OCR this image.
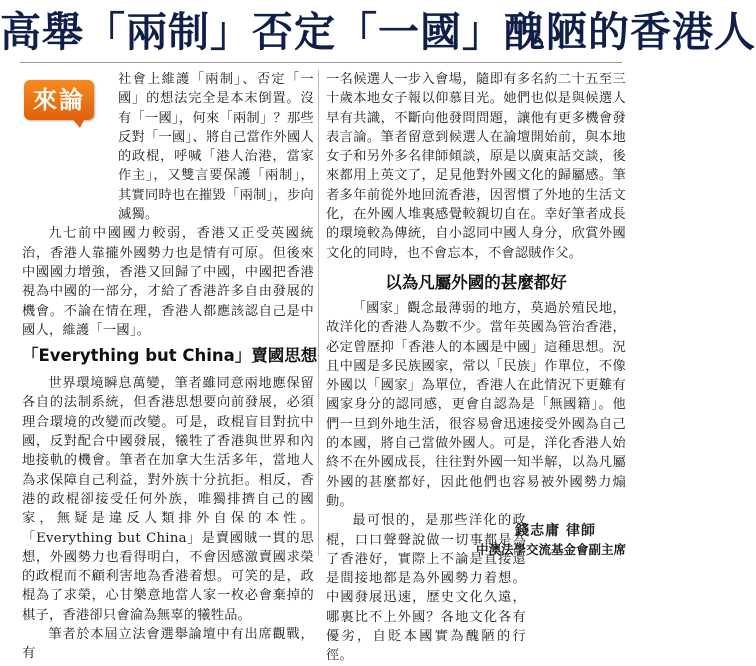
高舉「兩制」否定「一國」醜陋的香港人

社會上維護「兩制」、否定「一國」的想法完全是本末倒置。沒有「一國」，何來「兩制」？那些反對「一國」、將自己當作外國人的政棍，呼喊「港人治港，當家作主」，又雙言要保護「兩制」，其實同時也在摧毀「兩制」，步向滅獨。

九七前中國國力較弱，香港又正受英國統治，香港人靠攏外國勢力也是情有可原。但後來中國國力增強，香港又回歸了中國，中國把香港視為中國的一部分，才給了香港許多自由發展的機會。不論在情在理，香港人都應該認自己是中國人，維護「一國」。

「Everything but China」賣國思想

世界環境瞬息萬變，筆者雖同意兩地應保留各自的法制系統，但香港思想要向前發展，必須理合環境的改變而改變。可是，政棍盲目對抗中國，反對配合中國發展，犧牲了香港與世界和內地接軌的機會。筆者在加拿大生活多年，當地人為求保障自己利益，對外族十分抗拒。相反，香港的政棍卻接受任何外族，唯獨排擠自己的國家，無疑是違反人類排外自保的本性。「Everything but China」是賣國賊一貫的思想，外國勢力也看得明白，不會因感激賣國求榮的政棍而不顧利害地為香港着想。可笑的是，政棍為了求榮，心甘樂意地當人家一枚必會棄掉的棋子，香港卻只會淪為無辜的犧牲品。

筆者於本屆立法會選舉論壇中有出席觀戰，有

來論

一名候選人一步入會場，隨即有多名約二十五至三十歲本地女子報以仰慕目光。她們也似是與候選人早有共識，不斷向他發問問題，讓他有更多機會發表言論。筆者留意到候選人在論壇開始前，與本地女子和另外多名律師傾談，原是以廣東話交談，後來都用上英文了，足見他對外國文化的歸屬感。筆者多年前從外地回流香港，因習慣了外地的生活文化，在外國人堆裏感覺較親切自在。幸好筆者成長的環境較為傳統，自小認同中國人身分，欣賞外國文化的同時，也不會忘本，不會認賊作父。

以為凡屬外國的甚麼都好

「國家」觀念最薄弱的地方，莫過於殖民地，故洋化的香港人為數不少。當年英國為管治香港，必定曾歷抑「香港人的本國是中國」這種思想。況且中國是多民族國家，常以「民族」作單位，不像外國以「國家」為單位，香港人在此情況下更難有國家身分的認同感，更會自認為是「無國籍」。他們一旦到外地生活，很容易會迅速接受外國為自己的本國，將自己當做外國人。可是，洋化香港人始終不在外國成長，往往對外國一知半解，以為凡屬外國的甚麼都好，因此他們也容易被外國勢力煽動。

最可恨的，是那些洋化的政棍，口口聲聲說做一切事都是為了香港好，實際上不論是直接還是間接地都是為外國勢力着想。中國發展迅速，歷史文化久遠，哪裏比不上外國？各地文化各有優劣，自貶本國實為醜陋的行徑。

錢志庸 律師
中澳法學交流基金會副主席
